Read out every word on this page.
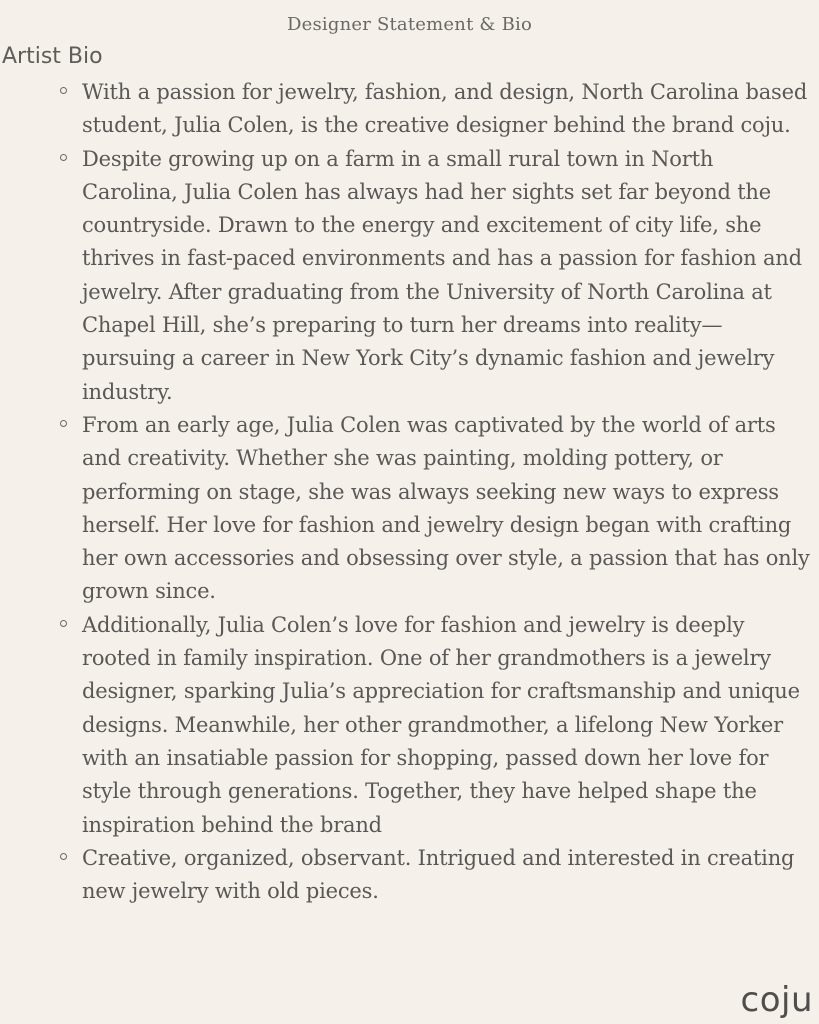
Designer Statement & Bio
Artist Bio
With a passion for jewelry, fashion, and design, North Carolina based student, Julia Colen, is the creative designer behind the brand coju.
Despite growing up on a farm in a small rural town in North Carolina, Julia Colen has always had her sights set far beyond the countryside. Drawn to the energy and excitement of city life, she thrives in fast-paced environments and has a passion for fashion and jewelry. After graduating from the University of North Carolina at Chapel Hill, she’s preparing to turn her dreams into reality—pursuing a career in New York City’s dynamic fashion and jewelry industry.
From an early age, Julia Colen was captivated by the world of arts and creativity. Whether she was painting, molding pottery, or performing on stage, she was always seeking new ways to express herself. Her love for fashion and jewelry design began with crafting her own accessories and obsessing over style, a passion that has only grown since.
Additionally, Julia Colen’s love for fashion and jewelry is deeply rooted in family inspiration. One of her grandmothers is a jewelry designer, sparking Julia’s appreciation for craftsmanship and unique designs. Meanwhile, her other grandmother, a lifelong New Yorker with an insatiable passion for shopping, passed down her love for style through generations. Together, they have helped shape the inspiration behind the brand
Creative, organized, observant. Intrigued and interested in creating new jewelry with old pieces.
coju
